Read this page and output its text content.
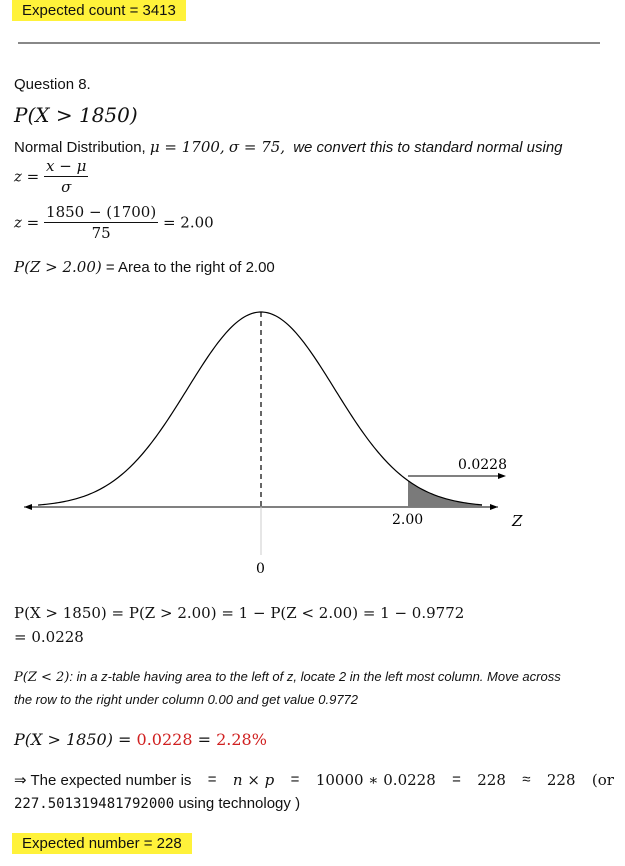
Expected count = 3413
Question 8.
P(X > 1850)
Normal Distribution, μ = 1700, σ = 75, we convert this to standard normal using
$z = \frac{x - \mu}{\sigma}$
$z = \frac{1850 - (1700)}{75} = 2.00$
P(Z > 2.00) = Area to the right of 2.00
0.0228
2.00	Z
0
P(X > 1850) = P(Z > 2.00) = 1 − P(Z < 2.00) = 1 − 0.9772
= 0.0228
P(Z < 2): in a z-table having area to the left of z, locate 2 in the left most column. Move across
the row to the right under column 0.00 and get value 0.9772
P(X > 1850) = 0.0228 = 2.28%
⇒ The expected number is = n × p = 10000 ∗ 0.0228 = 228 ≈ 228 (or
227.501319481792000 using technology )
Expected number = 228
